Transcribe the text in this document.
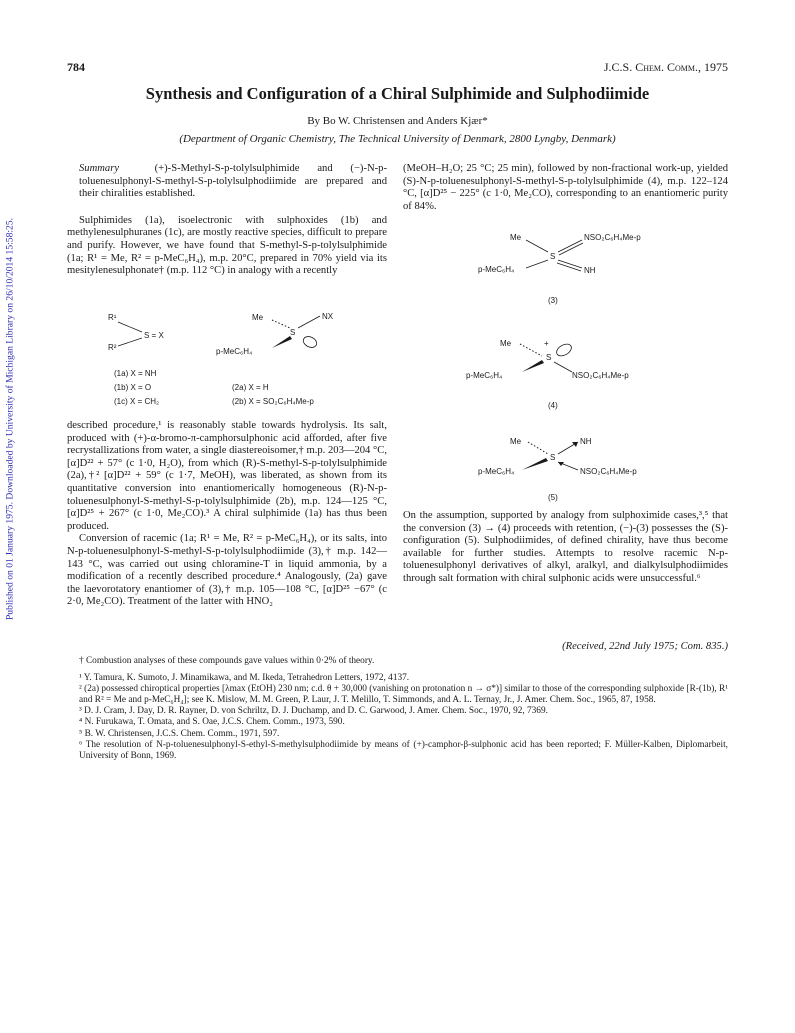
Published on 01 January 1975. Downloaded by University of Michigan Library on 26/10/2014 15:58:25.
784	J.C.S. Chem. Comm., 1975
Synthesis and Configuration of a Chiral Sulphimide and Sulphodiimide
By Bo W. Christensen and Anders Kjær*
(Department of Organic Chemistry, The Technical University of Denmark, 2800 Lyngby, Denmark)

Summary	(+)-S-Methyl-S-p-tolylsulphimide and (−)-N-p-toluenesulphonyl-S-methyl-S-p-tolylsulphodiimide are prepared and their chiralities established.

Sulphimides (1a), isoelectronic with sulphoxides (1b) and methylenesulphuranes (1c), are mostly reactive species, difficult to prepare and purify. However, we have found that S-methyl-S-p-tolylsulphimide (1a; R¹ = Me, R² = p-MeC₆H₄), m.p. 20°C, prepared in 70% yield via its mesitylenesulphonate† (m.p. 112 °C) in analogy with a recently

R¹
R²
S = X
(1a) X = NH
(1b) X = O
(1c) X = CH₂
Me
S
NX
p-MeC₆H₄
(2a) X = H
(2b) X = SO₂C₆H₄Me-p

described procedure,¹ is reasonably stable towards hydrolysis. Its salt, produced with (+)-α-bromo-π-camphorsulphonic acid afforded, after five recrystallizations from water, a single diastereoisomer,† m.p. 203—204 °C, [α]D²² + 57° (c 1·0, H₂O), from which (R)-S-methyl-S-p-tolylsulphimide (2a),†² [α]D²² + 59° (c 1·7, MeOH), was liberated, as shown from its quantitative conversion into enantiomerically homogeneous (R)-N-p-toluenesulphonyl-S-methyl-S-p-tolylsulphimide (2b), m.p. 124—125 °C, [α]D²⁵ + 267° (c 1·0, Me₂CO).³ A chiral sulphimide (1a) has thus been produced.

Conversion of racemic (1a; R¹ = Me, R² = p-MeC₆H₄), or its salts, into N-p-toluenesulphonyl-S-methyl-S-p-tolylsulphodiimide (3),† m.p. 142—143 °C, was carried out using chloramine-T in liquid ammonia, by a modification of a recently described procedure.⁴ Analogously, (2a) gave the laevorotatory enantiomer of (3),† m.p. 105—108 °C, [α]D²⁵ −67° (c 2·0, Me₂CO). Treatment of the latter with HNO₂

(MeOH–H₂O; 25 °C; 25 min), followed by non-fractional work-up, yielded (S)-N-p-toluenesulphonyl-S-methyl-S-p-tolylsulphimide (4), m.p. 122–124 °C, [α]D²⁵ − 225° (c 1·0, Me₂CO), corresponding to an enantiomeric purity of 84%.

Me
S
NSO₂C₆H₄Me-p
NH
p-MeC₆H₄
(3)
Me
S
+
p-MeC₆H₄	NSO₂C₆H₄Me-p
(4)
Me
S
NH
p-MeC₆H₄	NSO₂C₆H₄Me-p
(5)

On the assumption, supported by analogy from sulphoximide cases,³,⁵ that the conversion (3) → (4) proceeds with retention, (−)-(3) possesses the (S)-configuration (5). Sulphodiimides, of defined chirality, have thus become available for further studies. Attempts to resolve racemic N-p-toluenesulphonyl derivatives of alkyl, aralkyl, and dialkylsulphodiimides through salt formation with chiral sulphonic acids were unsuccessful.⁶

(Received, 22nd July 1975; Com. 835.)

† Combustion analyses of these compounds gave values within 0·2% of theory.

¹ Y. Tamura, K. Sumoto, J. Minamikawa, and M. Ikeda, Tetrahedron Letters, 1972, 4137.

² (2a) possessed chiroptical properties [λmax (EtOH) 230 nm; c.d. θ + 30,000 (vanishing on protonation n → σ*)] similar to those of the corresponding sulphoxide [R-(1b), R¹ and R² = Me and p-MeC₆H₄]; see K. Mislow, M. M. Green, P. Laur, J. T. Melillo, T. Simmonds, and A. L. Ternay, Jr., J. Amer. Chem. Soc., 1965, 87, 1958.

³ D. J. Cram, J. Day, D. R. Rayner, D. von Schriltz, D. J. Duchamp, and D. C. Garwood, J. Amer. Chem. Soc., 1970, 92, 7369.

⁴ N. Furukawa, T. Omata, and S. Oae, J.C.S. Chem. Comm., 1973, 590.

⁵ B. W. Christensen, J.C.S. Chem. Comm., 1971, 597.

⁶ The resolution of N-p-toluenesulphonyl-S-ethyl-S-methylsulphodiimide by means of (+)-camphor-β-sulphonic acid has been reported; F. Müller-Kalben, Diplomarbeit, University of Bonn, 1969.
